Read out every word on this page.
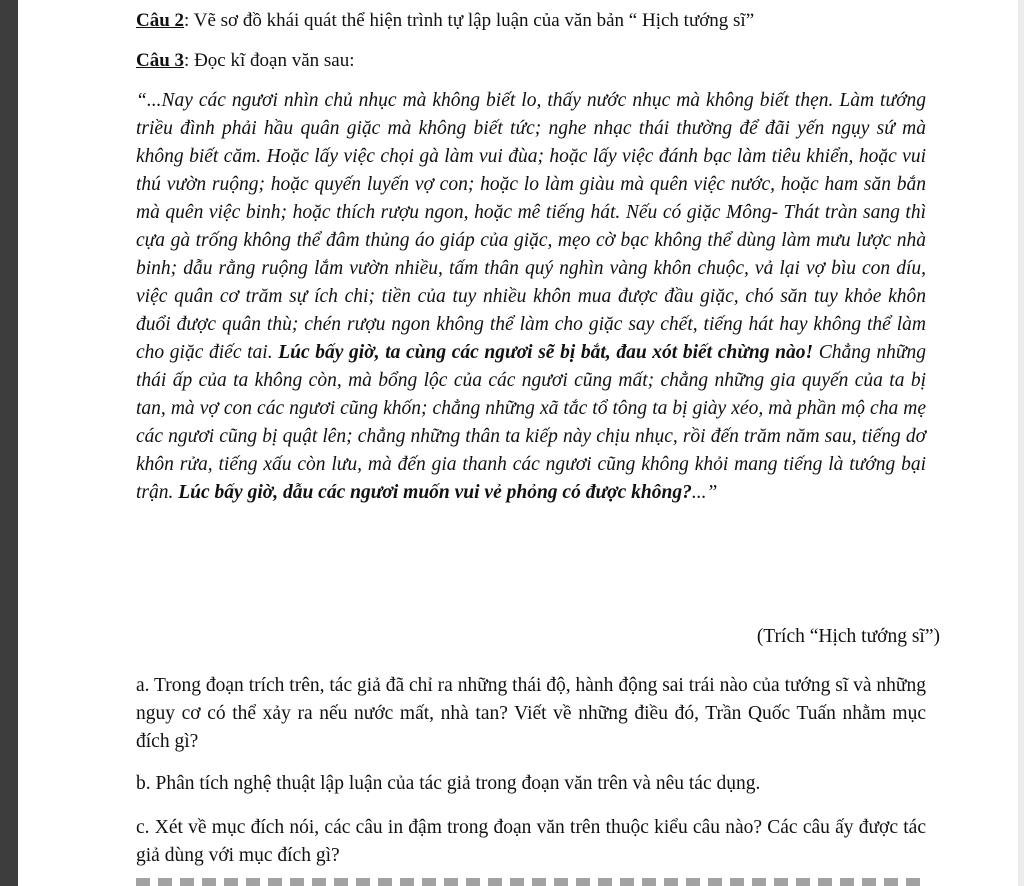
Câu 2: Vẽ sơ đồ khái quát thể hiện trình tự lập luận của văn bản “ Hịch tướng sĩ”
Câu 3: Đọc kĩ đoạn văn sau:
“...Nay các ngươi nhìn chủ nhục mà không biết lo, thấy nước nhục mà không biết thẹn. Làm tướng triều đình phải hầu quân giặc mà không biết tức; nghe nhạc thái thường để đãi yến ngụy sứ mà không biết căm. Hoặc lấy việc chọi gà làm vui đùa; hoặc lấy việc đánh bạc làm tiêu khiển, hoặc vui thú vườn ruộng; hoặc quyến luyến vợ con; hoặc lo làm giàu mà quên việc nước, hoặc ham săn bắn mà quên việc binh; hoặc thích rượu ngon, hoặc mê tiếng hát. Nếu có giặc Mông- Thát tràn sang thì cựa gà trống không thể đâm thủng áo giáp của giặc, mẹo cờ bạc không thể dùng làm mưu lược nhà binh; dẫu rằng ruộng lắm vườn nhiều, tấm thân quý nghìn vàng khôn chuộc, vả lại vợ bìu con díu, việc quân cơ trăm sự ích chi; tiền của tuy nhiều khôn mua được đầu giặc, chó săn tuy khỏe khôn đuổi được quân thù; chén rượu ngon không thể làm cho giặc say chết, tiếng hát hay không thể làm cho giặc điếc tai. Lúc bấy giờ, ta cùng các ngươi sẽ bị bắt, đau xót biết chừng nào! Chẳng những thái ấp của ta không còn, mà bổng lộc của các ngươi cũng mất; chẳng những gia quyến của ta bị tan, mà vợ con các ngươi cũng khốn; chẳng những xã tắc tổ tông ta bị giày xéo, mà phần mộ cha mẹ các ngươi cũng bị quật lên; chẳng những thân ta kiếp này chịu nhục, rồi đến trăm năm sau, tiếng dơ khôn rửa, tiếng xấu còn lưu, mà đến gia thanh các ngươi cũng không khỏi mang tiếng là tướng bại trận. Lúc bấy giờ, dẫu các ngươi muốn vui vẻ phỏng có được không?...”
(Trích “Hịch tướng sĩ”)
a. Trong đoạn trích trên, tác giả đã chỉ ra những thái độ, hành động sai trái nào của tướng sĩ và những nguy cơ có thể xảy ra nếu nước mất, nhà tan? Viết về những điều đó, Trần Quốc Tuấn nhằm mục đích gì?
b. Phân tích nghệ thuật lập luận của tác giả trong đoạn văn trên và nêu tác dụng.
c. Xét về mục đích nói, các câu in đậm trong đoạn văn trên thuộc kiểu câu nào? Các câu ấy được tác giả dùng với mục đích gì?
